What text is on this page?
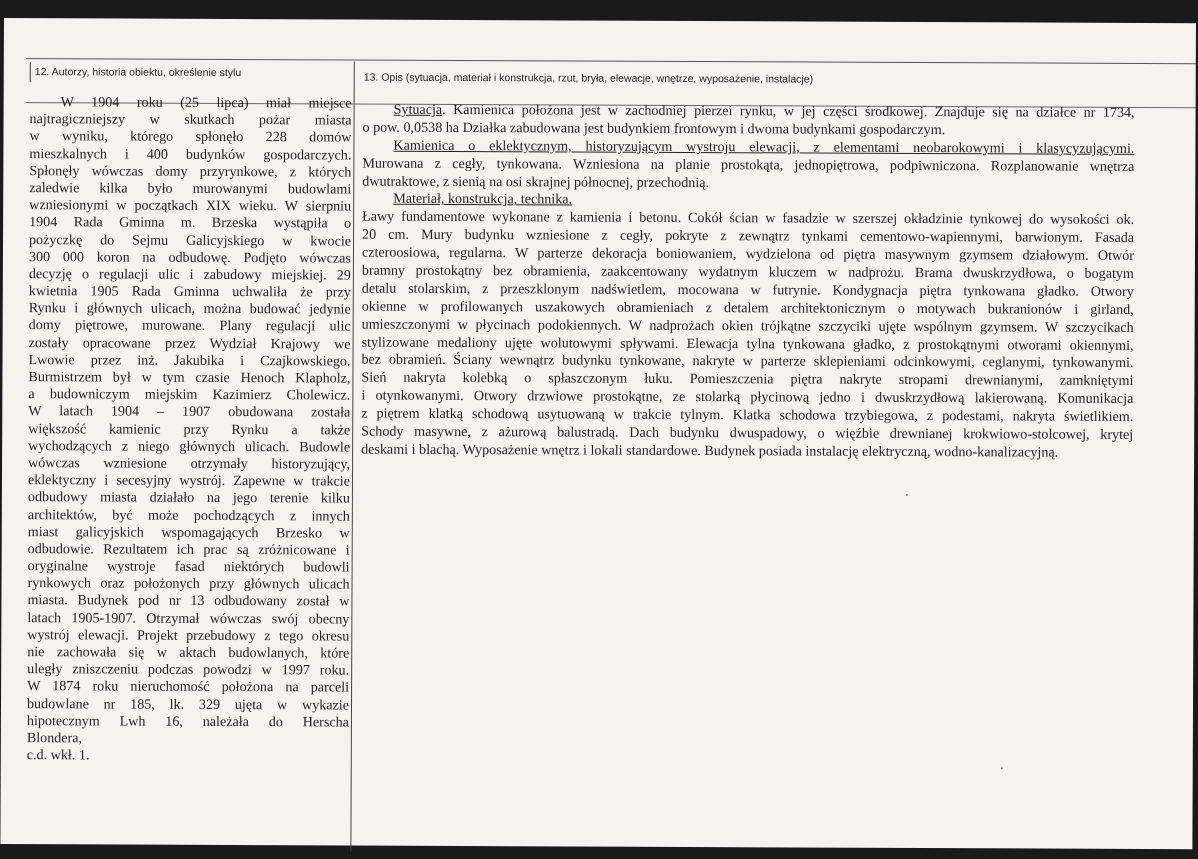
12. Autorzy, historia obiektu, określenie stylu	13. Opis (sytuacja, materiał i konstrukcja, rzut, bryła, elewacje, wnętrze, wyposażenie, instalacje)
W 1904 roku (25 lipca) miał miejsce
najtragiczniejszy w skutkach pożar miasta
w wyniku, którego spłonęło 228 domów
mieszkalnych i 400 budynków gospodarczych.
Spłonęły wówczas domy przyrynkowe, z których
zaledwie kilka było murowanymi budowlami
wzniesionymi w początkach XIX wieku. W sierpniu
1904 Rada Gminna m. Brzeska wystąpiła o
pożyczkę do Sejmu Galicyjskiego w kwocie
300 000 koron na odbudowę. Podjęto wówczas
decyzję o regulacji ulic i zabudowy miejskiej. 29
kwietnia 1905 Rada Gminna uchwaliła że przy
Rynku i głównych ulicach, można budować jedynie
domy piętrowe, murowane. Plany regulacji ulic
zostały opracowane przez Wydział Krajowy we
Lwowie przez inż. Jakubika i Czajkowskiego.
Burmistrzem był w tym czasie Henoch Klapholz,
a budowniczym miejskim Kazimierz Cholewicz.
W latach 1904 – 1907 obudowana została
większość kamienic przy Rynku a także
wychodzących z niego głównych ulicach. Budowle
wówczas wzniesione otrzymały historyzujący,
eklektyczny i secesyjny wystrój. Zapewne w trakcie
odbudowy miasta działało na jego terenie kilku
architektów, być może pochodzących z innych
miast galicyjskich wspomagających Brzesko w
odbudowie. Rezultatem ich prac są zróżnicowane i
oryginalne wystroje fasad niektórych budowli
rynkowych oraz położonych przy głównych ulicach
miasta. Budynek pod nr 13 odbudowany został w
latach 1905-1907. Otrzymał wówczas swój obecny
wystrój elewacji. Projekt przebudowy z tego okresu
nie zachowała się w aktach budowlanych, które
uległy zniszczeniu podczas powodzi w 1997 roku.
W 1874 roku nieruchomość położona na parceli
budowlane nr 185, lk. 329 ujęta w wykazie
hipotecznym Lwh 16, należała do Herscha
Blondera,
c.d. wkł. 1.
Sytuacja. Kamienica położona jest w zachodniej pierzei rynku, w jej części środkowej. Znajduje się na działce nr 1734,
o pow. 0,0538 ha Działka zabudowana jest budynkiem frontowym i dwoma budynkami gospodarczym.
Kamienica o eklektycznym, historyzującym wystroju elewacji, z elementami neobarokowymi i klasycyzującymi.
Murowana z cegły, tynkowana. Wzniesiona na planie prostokąta, jednopiętrowa, podpiwniczona. Rozplanowanie wnętrza
dwutraktowe, z sienią na osi skrajnej północnej, przechodnią.
Materiał, konstrukcja, technika.
Ławy fundamentowe wykonane z kamienia i betonu. Cokół ścian w fasadzie w szerszej okładzinie tynkowej do wysokości ok.
20 cm. Mury budynku wzniesione z cegły, pokryte z zewnątrz tynkami cementowo-wapiennymi, barwionym. Fasada
czteroosiowa, regularna. W parterze dekoracja boniowaniem, wydzielona od piętra masywnym gzymsem działowym. Otwór
bramny prostokątny bez obramienia, zaakcentowany wydatnym kluczem w nadprożu. Brama dwuskrzydłowa, o bogatym
detalu stolarskim, z przeszklonym nadświetlem, mocowana w futrynie. Kondygnacja piętra tynkowana gładko. Otwory
okienne w profilowanych uszakowych obramieniach z detalem architektonicznym o motywach bukranionów i girland,
umieszczonymi w płycinach podokiennych. W nadprożach okien trójkątne szczyciki ujęte wspólnym gzymsem. W szczycikach
stylizowane medaliony ujęte wolutowymi spływami. Elewacja tylna tynkowana gładko, z prostokątnymi otworami okiennymi,
bez obramień. Ściany wewnątrz budynku tynkowane, nakryte w parterze sklepieniami odcinkowymi, ceglanymi, tynkowanymi.
Sień nakryta kolebką o spłaszczonym łuku. Pomieszczenia piętra nakryte stropami drewnianymi, zamkniętymi
i otynkowanymi. Otwory drzwiowe prostokątne, ze stolarką płycinową jedno i dwuskrzydłową lakierowaną. Komunikacja
z piętrem klatką schodową usytuowaną w trakcie tylnym. Klatka schodowa trzybiegowa, z podestami, nakryta świetlikiem.
Schody masywne, z ażurową balustradą. Dach budynku dwuspadowy, o więźbie drewnianej krokwiowo-stolcowej, krytej
deskami i blachą. Wyposażenie wnętrz i lokali standardowe. Budynek posiada instalację elektryczną, wodno-kanalizacyjną.
